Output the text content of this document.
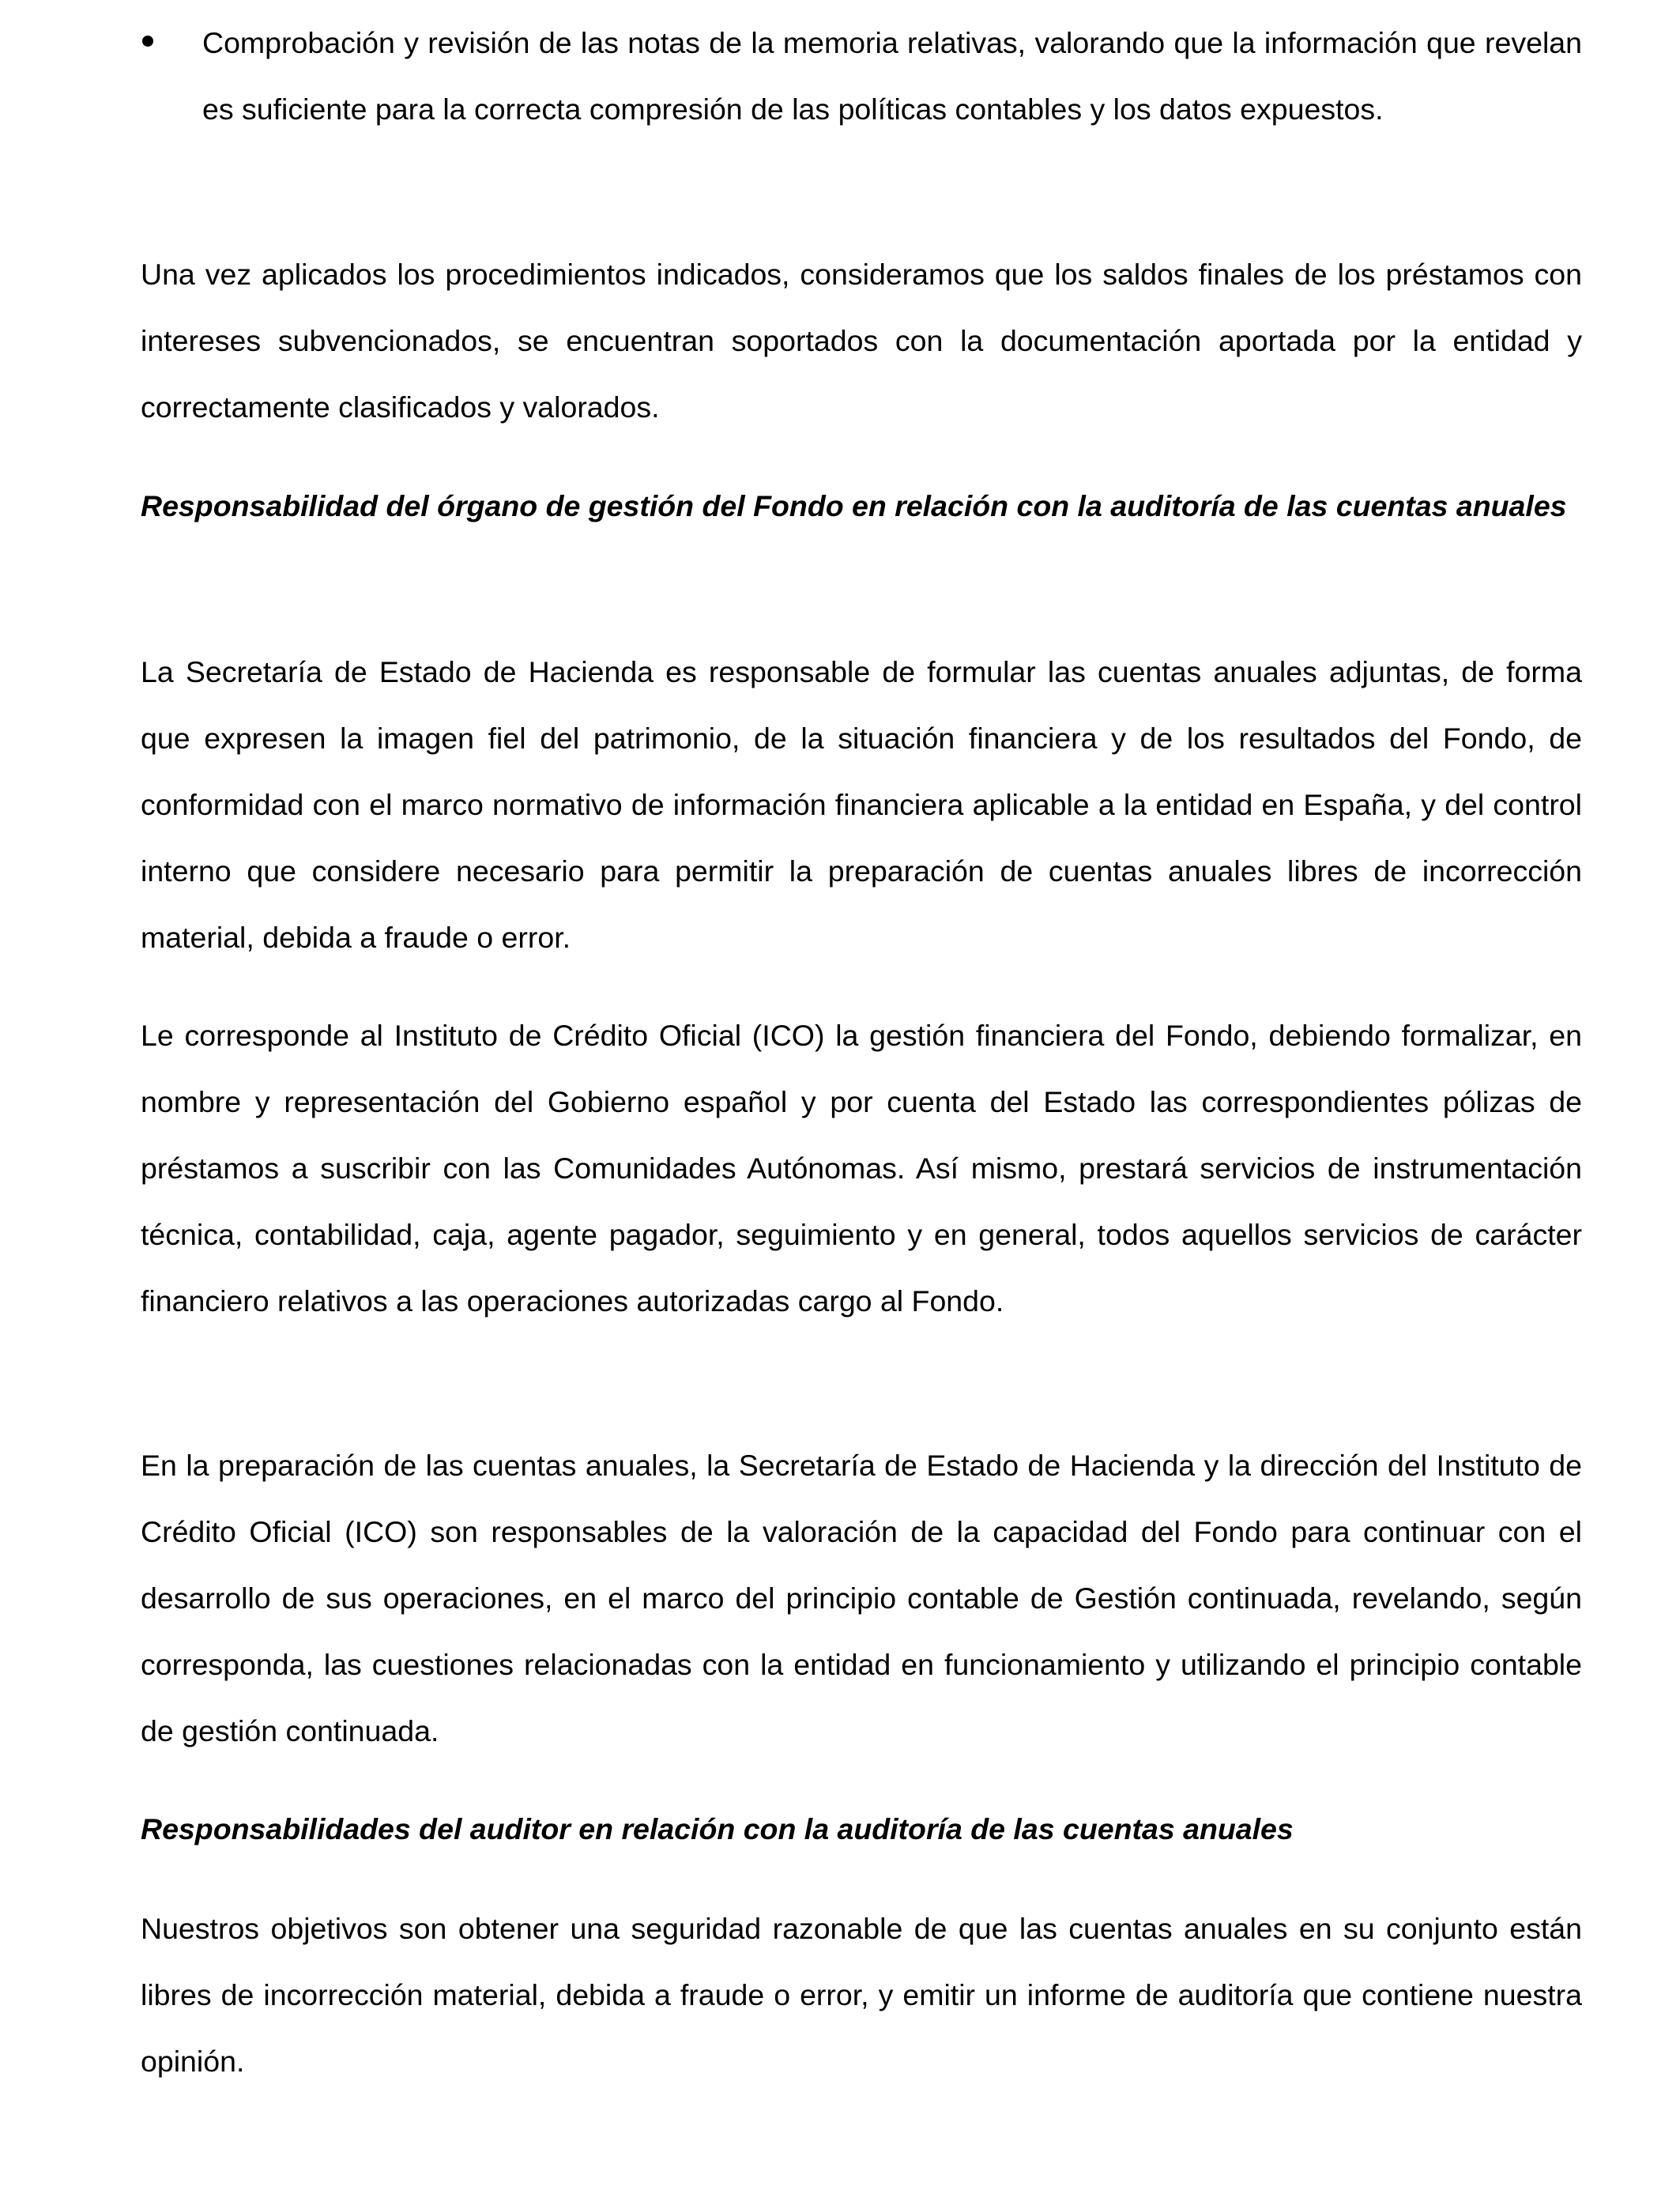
Comprobación y revisión de las notas de la memoria relativas, valorando que la información que revelan es suficiente para la correcta compresión de las políticas contables y los datos expuestos.

Una vez aplicados los procedimientos indicados, consideramos que los saldos finales de los préstamos con intereses subvencionados, se encuentran soportados con la documentación aportada por la entidad y correctamente clasificados y valorados.

Responsabilidad del órgano de gestión del Fondo en relación con la auditoría de las cuentas anuales

La Secretaría de Estado de Hacienda es responsable de formular las cuentas anuales adjuntas, de forma que expresen la imagen fiel del patrimonio, de la situación financiera y de los resultados del Fondo, de conformidad con el marco normativo de información financiera aplicable a la entidad en España, y del control interno que considere necesario para permitir la preparación de cuentas anuales libres de incorrección material, debida a fraude o error.

Le corresponde al Instituto de Crédito Oficial (ICO) la gestión financiera del Fondo, debiendo formalizar, en nombre y representación del Gobierno español y por cuenta del Estado las correspondientes pólizas de préstamos a suscribir con las Comunidades Autónomas. Así mismo, prestará servicios de instrumentación técnica, contabilidad, caja, agente pagador, seguimiento y en general, todos aquellos servicios de carácter financiero relativos a las operaciones autorizadas cargo al Fondo.

En la preparación de las cuentas anuales, la Secretaría de Estado de Hacienda y la dirección del Instituto de Crédito Oficial (ICO) son responsables de la valoración de la capacidad del Fondo para continuar con el desarrollo de sus operaciones, en el marco del principio contable de Gestión continuada, revelando, según corresponda, las cuestiones relacionadas con la entidad en funcionamiento y utilizando el principio contable de gestión continuada.

Responsabilidades del auditor en relación con la auditoría de las cuentas anuales

Nuestros objetivos son obtener una seguridad razonable de que las cuentas anuales en su conjunto están libres de incorrección material, debida a fraude o error, y emitir un informe de auditoría que contiene nuestra opinión.
